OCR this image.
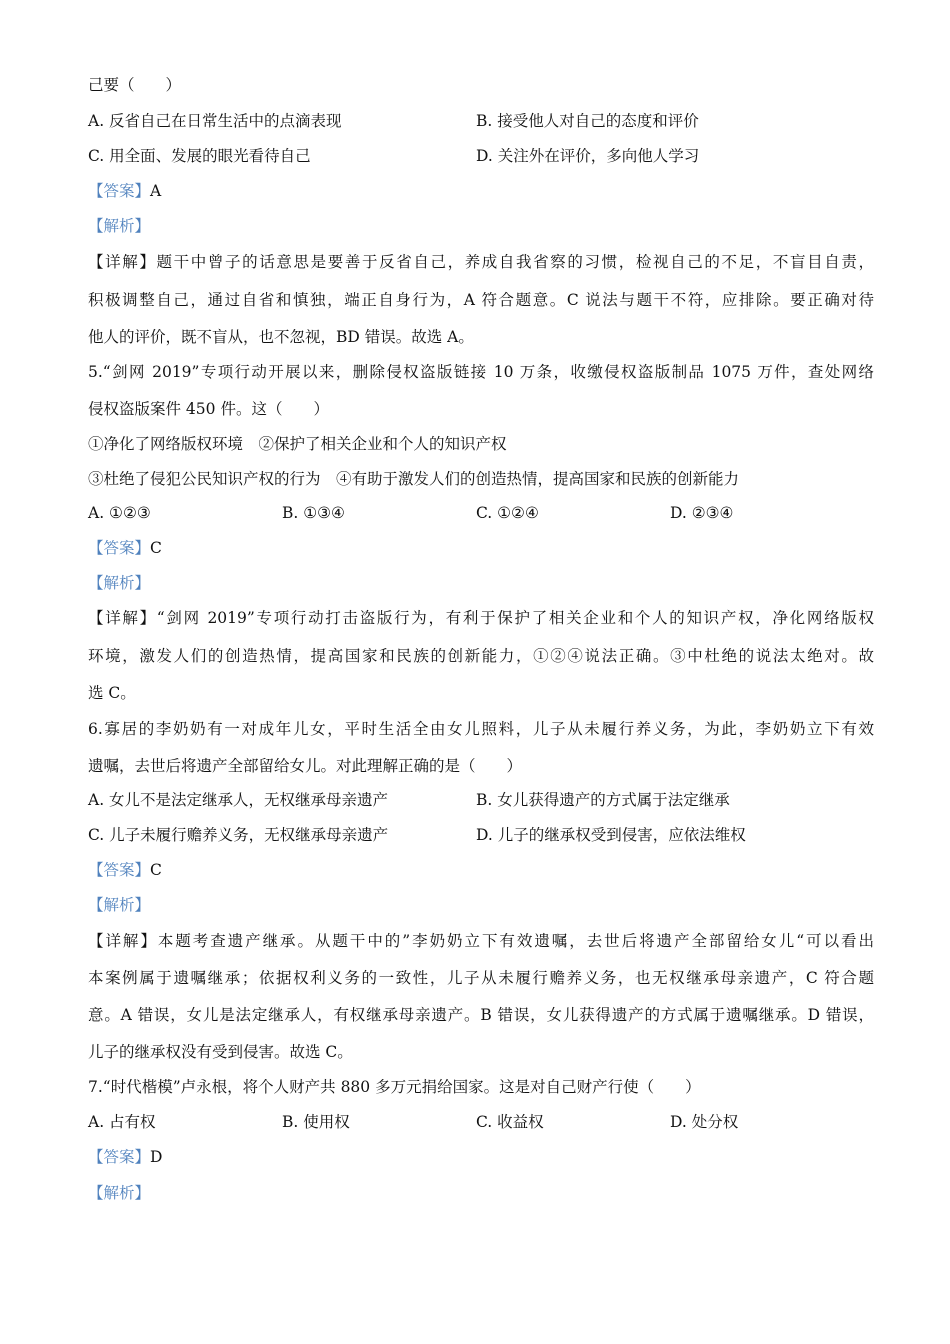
己要（　　）
A. 反省自己在日常生活中的点滴表现	B. 接受他人对自己的态度和评价
C. 用全面、发展的眼光看待自己	D. 关注外在评价，多向他人学习
【答案】A
【解析】
【详解】题干中曾子的话意思是要善于反省自己，养成自我省察的习惯，检视自己的不足，不盲目自责，
积极调整自己，通过自省和慎独，端正自身行为，A 符合题意。C 说法与题干不符，应排除。要正确对待
他人的评价，既不盲从，也不忽视，BD 错误。故选 A。
5.“剑网 2019”专项行动开展以来，删除侵权盗版链接 10 万条，收缴侵权盗版制品 1075 万件，查处网络
侵权盗版案件 450 件。这（　　）
①净化了网络版权环境　②保护了相关企业和个人的知识产权
③杜绝了侵犯公民知识产权的行为　④有助于激发人们的创造热情，提高国家和民族的创新能力
A. ①②③	B. ①③④	C. ①②④	D. ②③④
【答案】C
【解析】
【详解】“剑网 2019”专项行动打击盗版行为，有利于保护了相关企业和个人的知识产权，净化网络版权
环境，激发人们的创造热情，提高国家和民族的创新能力，①②④说法正确。③中杜绝的说法太绝对。故
选 C。
6.寡居的李奶奶有一对成年儿女，平时生活全由女儿照料，儿子从未履行养义务，为此，李奶奶立下有效
遗嘱，去世后将遗产全部留给女儿。对此理解正确的是（　　）
A. 女儿不是法定继承人，无权继承母亲遗产	B. 女儿获得遗产的方式属于法定继承
C. 儿子未履行赡养义务，无权继承母亲遗产	D. 儿子的继承权受到侵害，应依法维权
【答案】C
【解析】
【详解】本题考查遗产继承。从题干中的”李奶奶立下有效遗嘱，去世后将遗产全部留给女儿“可以看出
本案例属于遗嘱继承；依据权利义务的一致性，儿子从未履行赡养义务，也无权继承母亲遗产，C 符合题
意。A 错误，女儿是法定继承人，有权继承母亲遗产。B 错误，女儿获得遗产的方式属于遗嘱继承。D 错误，
儿子的继承权没有受到侵害。故选 C。
7.“时代楷模”卢永根，将个人财产共 880 多万元捐给国家。这是对自己财产行使（　　）
A. 占有权	B. 使用权	C. 收益权	D. 处分权
【答案】D
【解析】
